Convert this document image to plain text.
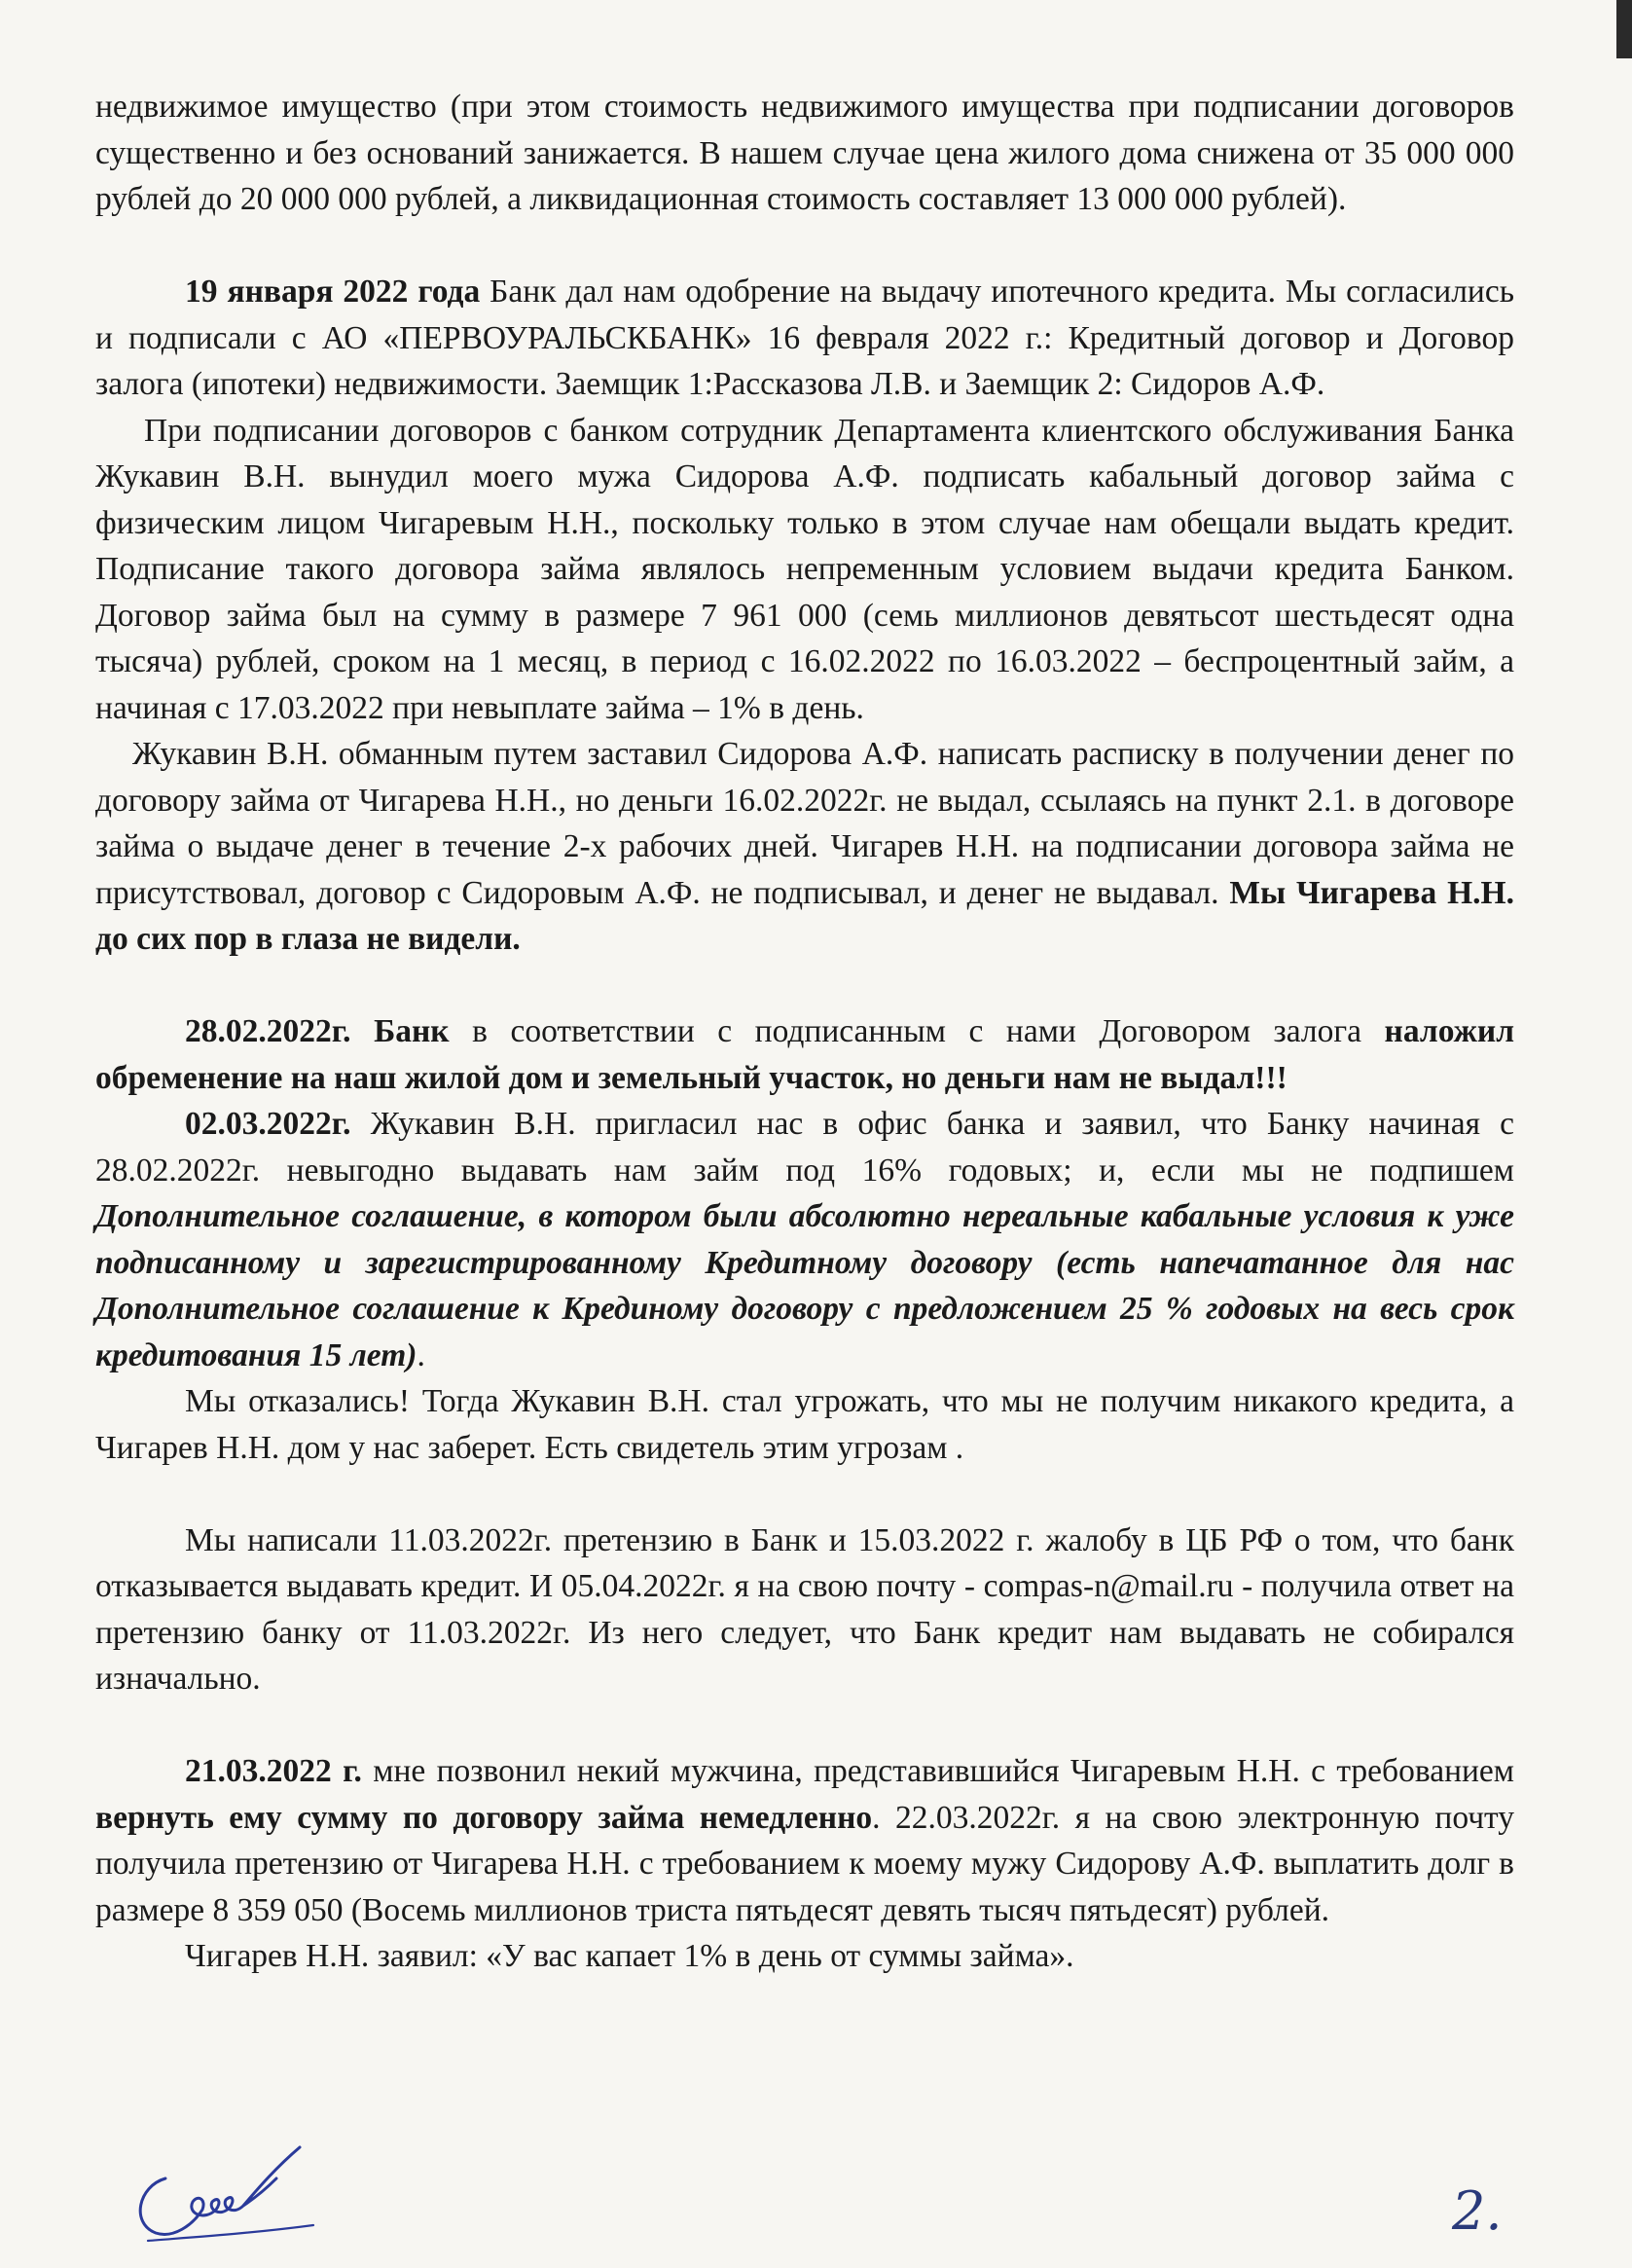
недвижимое имущество (при этом стоимость недвижимого имущества при подписании договоров существенно и без оснований занижается. В нашем случае цена жилого дома снижена от 35 000 000 рублей до 20 000 000 рублей, а ликвидационная стоимость составляет 13 000 000 рублей).

19 января 2022 года Банк дал нам одобрение на выдачу ипотечного кредита. Мы согласились и подписали с АО «ПЕРВОУРАЛЬСКБАНК» 16 февраля 2022 г.: Кредитный договор и Договор залога (ипотеки) недвижимости. Заемщик 1:Рассказова Л.В. и Заемщик 2: Сидоров А.Ф.

При подписании договоров с банком сотрудник Департамента клиентского обслуживания Банка Жукавин В.Н. вынудил моего мужа Сидорова А.Ф. подписать кабальный договор займа с физическим лицом Чигаревым Н.Н., поскольку только в этом случае нам обещали выдать кредит. Подписание такого договора займа являлось непременным условием выдачи кредита Банком. Договор займа был на сумму в размере 7 961 000 (семь миллионов девятьсот шестьдесят одна тысяча) рублей, сроком на 1 месяц, в период с 16.02.2022 по 16.03.2022 – беспроцентный займ, а начиная с 17.03.2022 при невыплате займа – 1% в день.

Жукавин В.Н. обманным путем заставил Сидорова А.Ф. написать расписку в получении денег по договору займа от Чигарева Н.Н., но деньги 16.02.2022г. не выдал, ссылаясь на пункт 2.1. в договоре займа о выдаче денег в течение 2-х рабочих дней. Чигарев Н.Н. на подписании договора займа не присутствовал, договор с Сидоровым А.Ф. не подписывал, и денег не выдавал. Мы Чигарева Н.Н. до сих пор в глаза не видели.

28.02.2022г. Банк в соответствии с подписанным с нами Договором залога наложил обременение на наш жилой дом и земельный участок, но деньги нам не выдал!!!

02.03.2022г. Жукавин В.Н. пригласил нас в офис банка и заявил, что Банку начиная с 28.02.2022г. невыгодно выдавать нам займ под 16% годовых; и, если мы не подпишем Дополнительное соглашение, в котором были абсолютно нереальные кабальные условия к уже подписанному и зарегистрированному Кредитному договору (есть напечатанное для нас Дополнительное соглашение к Крединому договору с предложением 25 % годовых на весь срок кредитования 15 лет).

Мы отказались! Тогда Жукавин В.Н. стал угрожать, что мы не получим никакого кредита, а Чигарев Н.Н. дом у нас заберет. Есть свидетель этим угрозам .

Мы написали 11.03.2022г. претензию в Банк и 15.03.2022 г. жалобу в ЦБ РФ о том, что банк отказывается выдавать кредит. И 05.04.2022г. я на свою почту - compas-n@mail.ru - получила ответ на претензию банку от 11.03.2022г. Из него следует, что Банк кредит нам выдавать не собирался изначально.

21.03.2022 г. мне позвонил некий мужчина, представившийся Чигаревым Н.Н. с требованием вернуть ему сумму по договору займа немедленно. 22.03.2022г. я на свою электронную почту получила претензию от Чигарева Н.Н. с требованием к моему мужу Сидорову А.Ф. выплатить долг в размере 8 359 050 (Восемь миллионов триста пятьдесят девять тысяч пятьдесят) рублей.

Чигарев Н.Н. заявил: «У вас капает 1% в день от суммы займа».

2.
